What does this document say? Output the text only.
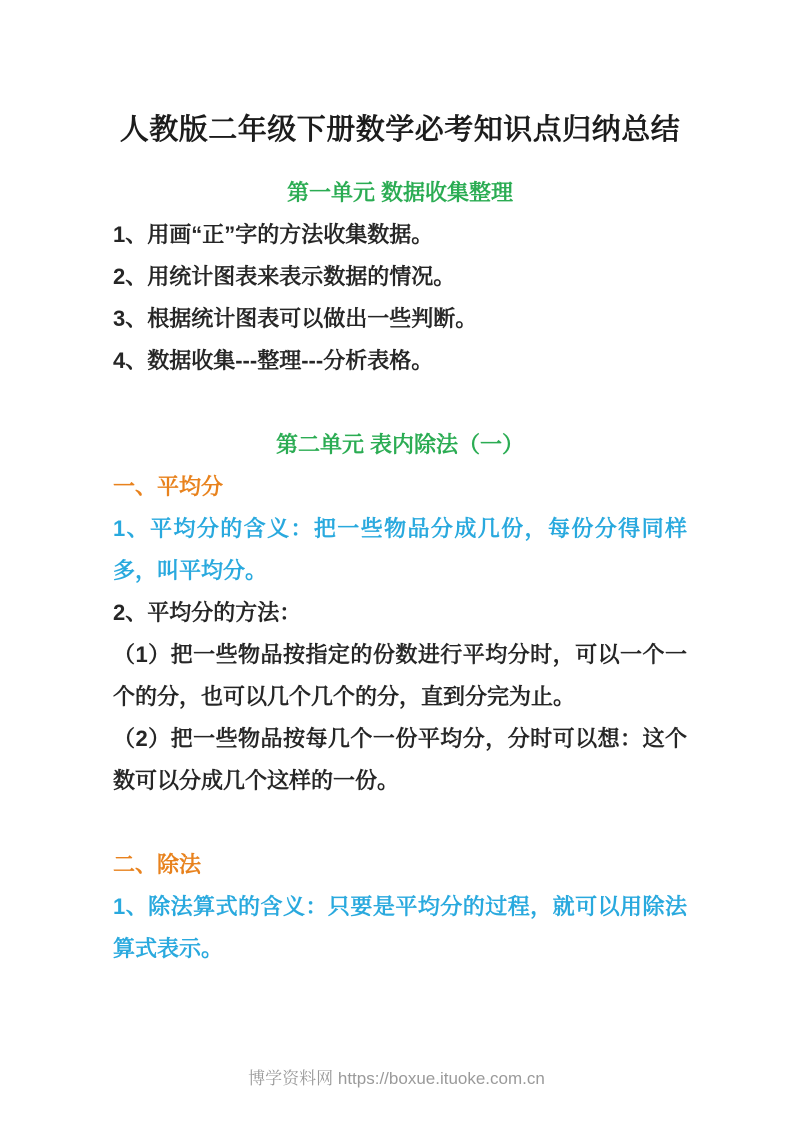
人教版二年级下册数学必考知识点归纳总结
第一单元 数据收集整理

1、用画“正”字的方法收集数据。

2、用统计图表来表示数据的情况。

3、根据统计图表可以做出一些判断。

4、数据收集---整理---分析表格。

第二单元 表内除法（一）
一、平均分

1、平均分的含义：把一些物品分成几份，每份分得同样多，叫平均分。

2、平均分的方法：

（1）把一些物品按指定的份数进行平均分时，可以一个一个的分，也可以几个几个的分，直到分完为止。

（2）把一些物品按每几个一份平均分，分时可以想：这个数可以分成几个这样的一份。

二、除法

1、除法算式的含义：只要是平均分的过程，就可以用除法算式表示。

博学资料网 https://boxue.ituoke.com.cn
